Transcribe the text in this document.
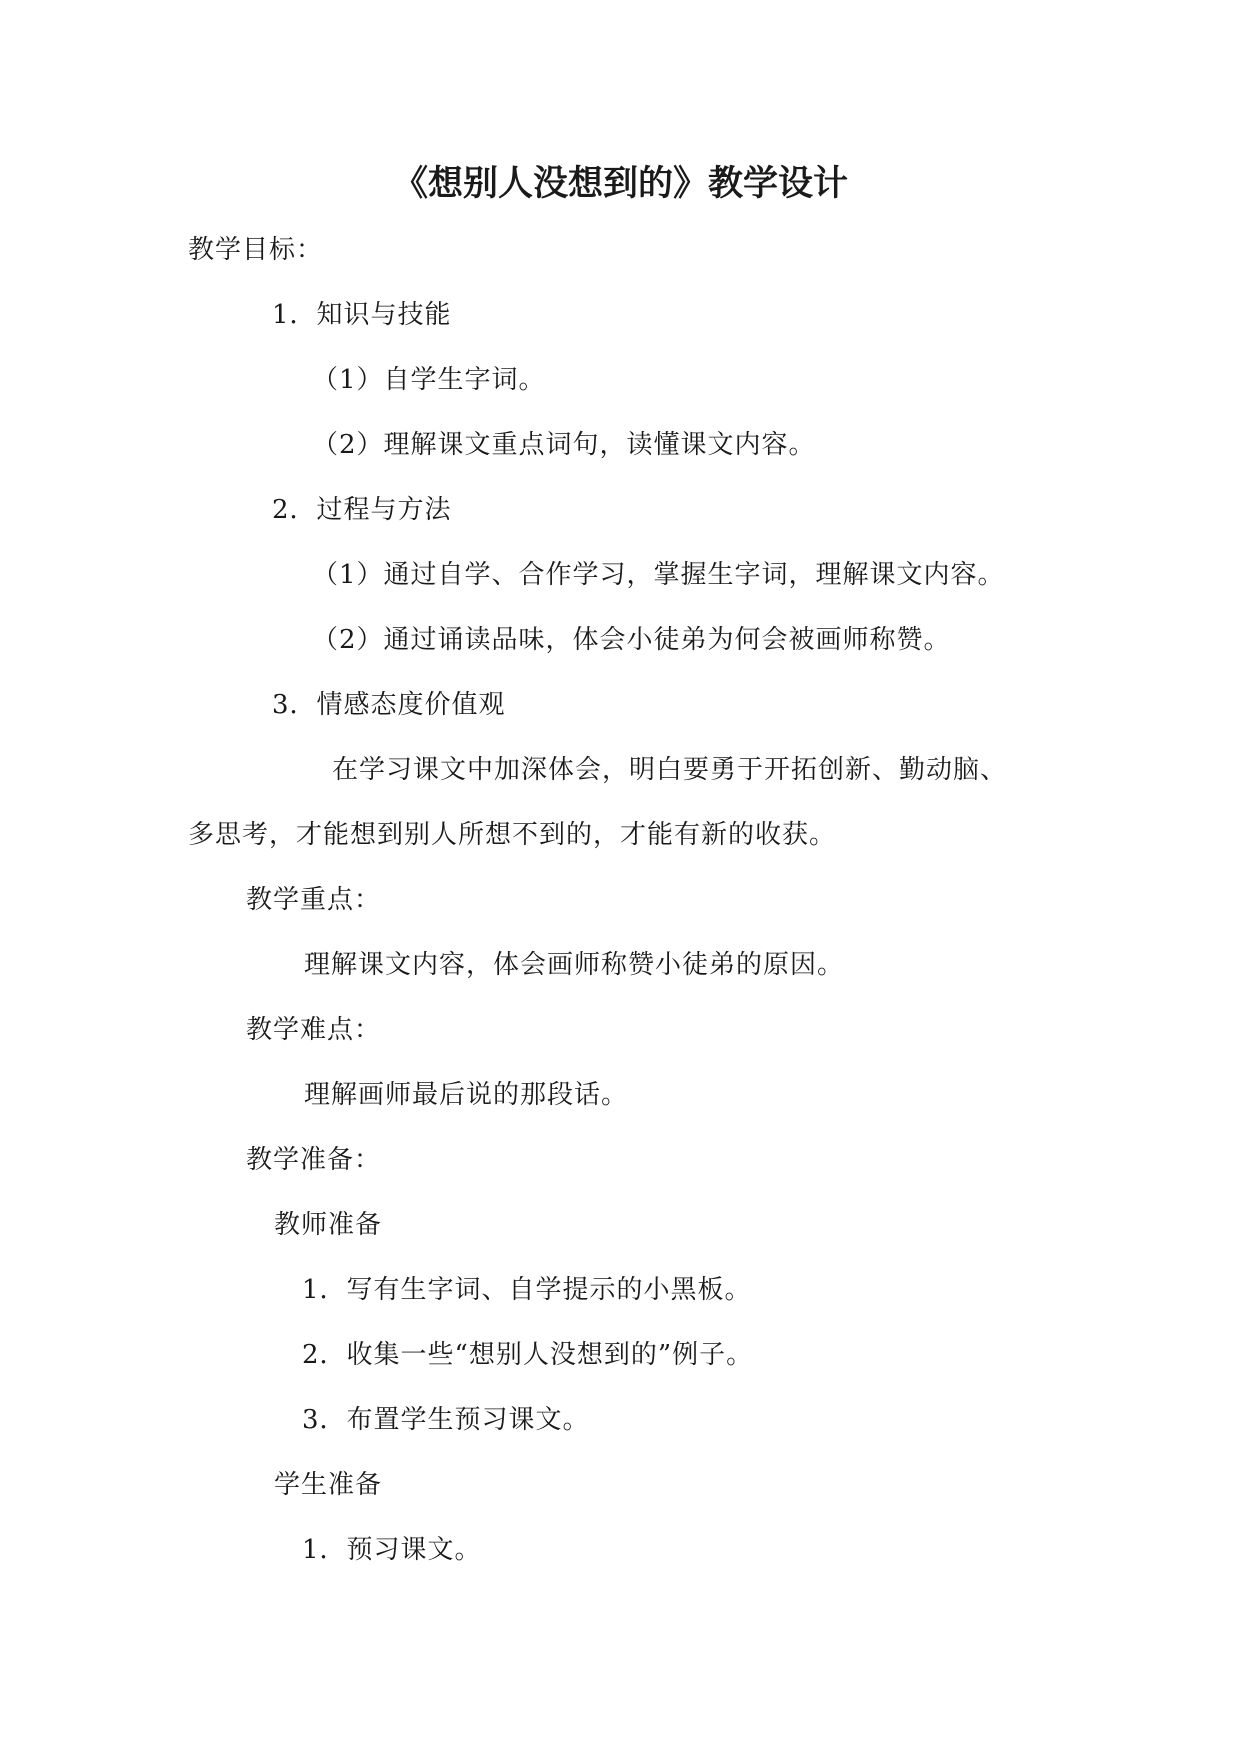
《想别人没想到的》教学设计
教学目标：
1．知识与技能
（1）自学生字词。
（2）理解课文重点词句，读懂课文内容。
2．过程与方法
（1）通过自学、合作学习，掌握生字词，理解课文内容。
（2）通过诵读品味，体会小徒弟为何会被画师称赞。
3．情感态度价值观
在学习课文中加深体会，明白要勇于开拓创新、勤动脑、
多思考，才能想到别人所想不到的，才能有新的收获。
教学重点：
理解课文内容，体会画师称赞小徒弟的原因。
教学难点：
理解画师最后说的那段话。
教学准备：
教师准备
1．写有生字词、自学提示的小黑板。
2．收集一些“想别人没想到的”例子。
3．布置学生预习课文。
学生准备
1．预习课文。
